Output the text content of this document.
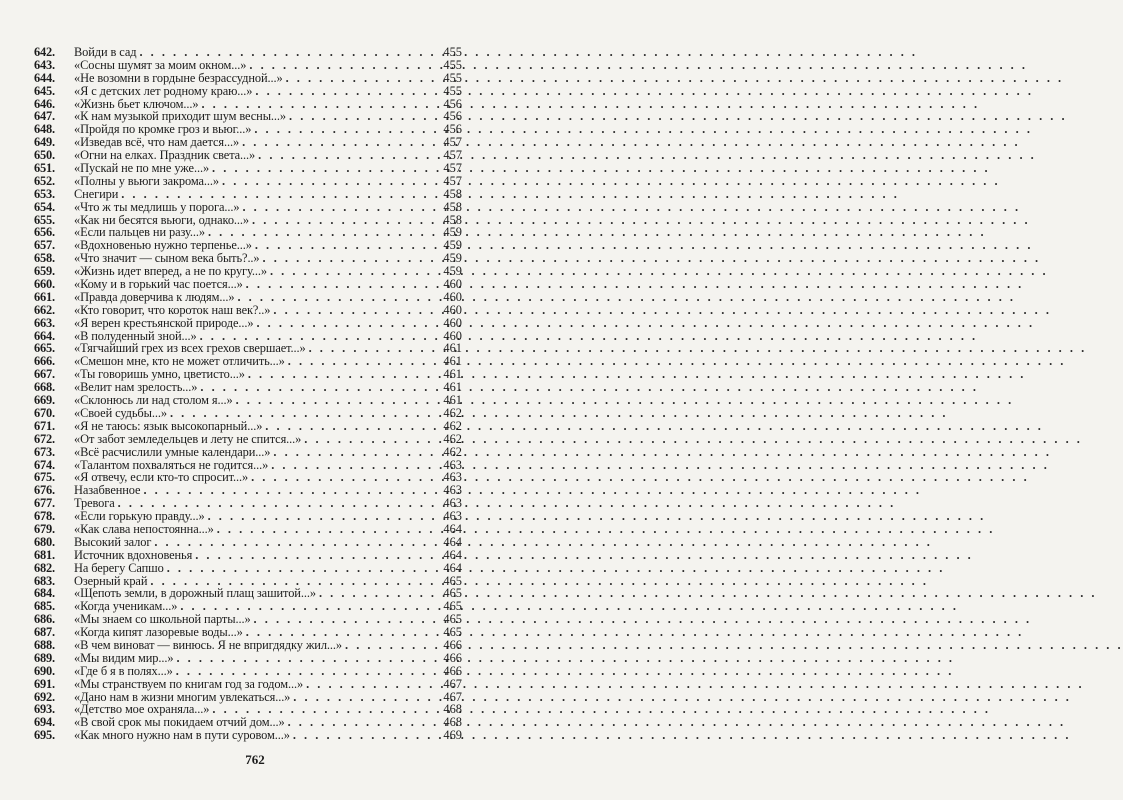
642.	Войди в сад . . .	455
643.	«Сосны шумят за моим окном...» . . .	455
644.	«Не возомни в гордыне безрассудной...» . . .	455
645.	«Я с детских лет родному краю...» . . .	455
646.	«Жизнь бьет ключом...» . . .	456
647.	«К нам музыкой приходит шум весны...» . . .	456
648.	«Пройдя по кромке гроз и вьюг...» . . .	456
649.	«Изведав всё, что нам дается...» . . .	457
650.	«Огни на елках. Праздник света...» . . .	457
651.	«Пускай не по мне уже...» . . .	457
652.	«Полны у вьюги закрома...» . . .	457
653.	Снегири . . .	458
654.	«Что ж ты медлишь у порога...» . . .	458
655.	«Как ни бесятся вьюги, однако...» . . .	458
656.	«Если пальцев ни разу...» . . .	459
657.	«Вдохновенью нужно терпенье...» . . .	459
658.	«Что значит — сыном века быть?..» . . .	459
659.	«Жизнь идет вперед, а не по кругу...» . . .	459
660.	«Кому и в горький час поется...» . . .	460
661.	«Правда доверчива к людям...» . . .	460
662.	«Кто говорит, что короток наш век?..» . . .	460
663.	«Я верен крестьянской природе...» . . .	460
664.	«В полуденный зной...» . . .	460
665.	«Тягчайший грех из всех грехов свершает...» . . .	461
666.	«Смешон мне, кто не может отличить...» . . .	461
667.	«Ты говоришь умно, цветисто...» . . .	461
668.	«Велит нам зрелость...» . . .	461
669.	«Склонюсь ли над столом я...» . . .	461
670.	«Своей судьбы...» . . .	462
671.	«Я не таюсь: язык высокопарный...» . . .	462
672.	«От забот земледельцев и лету не спится...» . . .	462
673.	«Всё расчислили умные календари...» . . .	462
674.	«Талантом похваляться не годится...» . . .	463
675.	«Я отвечу, если кто-то спросит...» . . .	463
676.	Назабвенное . . .	463
677.	Тревога . . .	463
678.	«Если горькую правду...» . . .	463
679.	«Как слава непостоянна...» . . .	464
680.	Высокий залог . . .	464
681.	Источник вдохновенья . . .	464
682.	На берегу Сапшо . . .	464
683.	Озерный край . . .	465
684.	«Щепоть земли, в дорожный плащ зашитой...» . . .	465
685.	«Когда ученикам...» . . .	465
686.	«Мы знаем со школьной парты...» . . .	465
687.	«Когда кипят лазоревые воды...» . . .	465
688.	«В чем виноват — винюсь. Я не впригдядку жил...» . . .	466
689.	«Мы видим мир...» . . .	466
690.	«Где б я в полях...» . . .	466
691.	«Мы странствуем по книгам год за годом...» . . .	467
692.	«Дано нам в жизни многим увлекаться...» . . .	467
693.	«Детство мое охраняла...» . . .	468
694.	«В свой срок мы покидаем отчий дом...» . . .	468
695.	«Как много нужно нам в пути суровом...» . . .	469
762
